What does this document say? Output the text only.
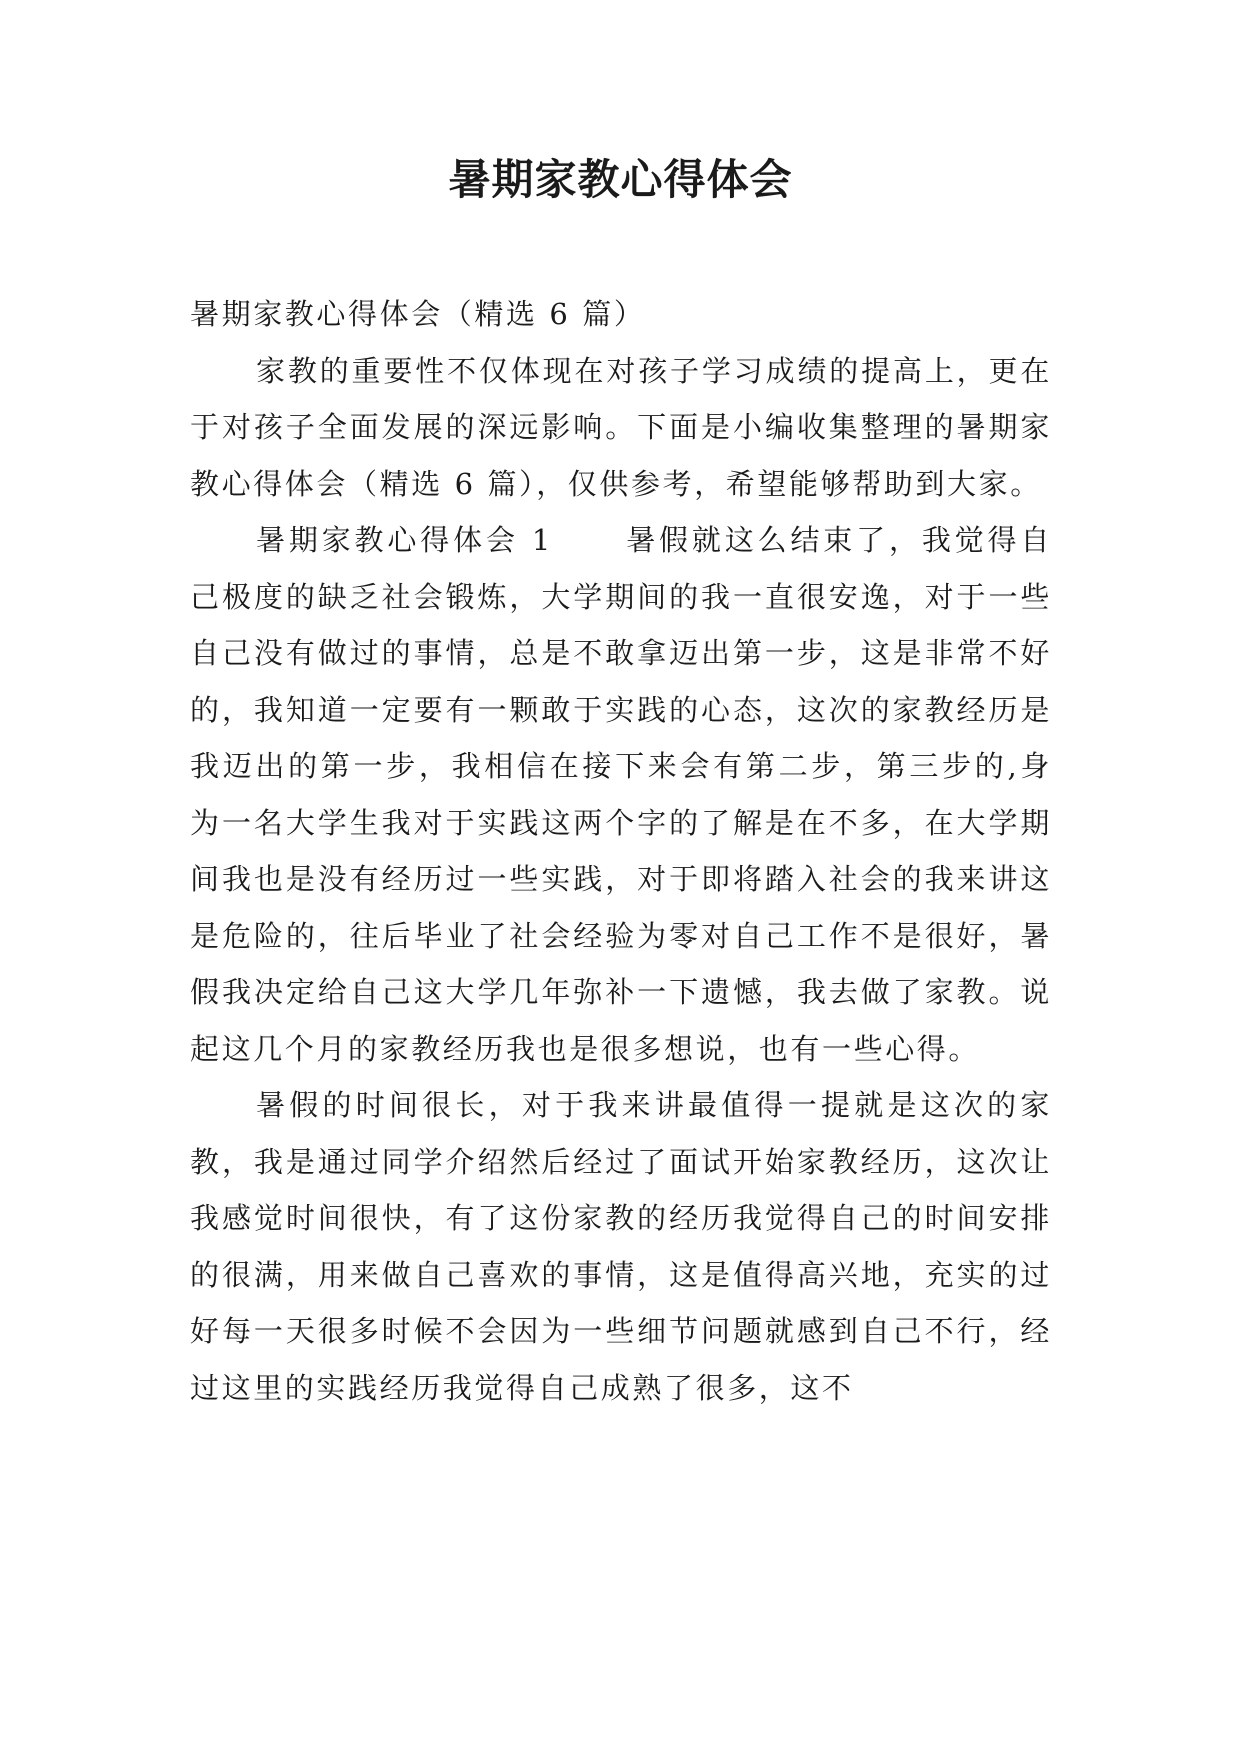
暑期家教心得体会

暑期家教心得体会（精选 6 篇）

家教的重要性不仅体现在对孩子学习成绩的提高上，更在于对孩子全面发展的深远影响。下面是小编收集整理的暑期家教心得体会（精选 6 篇），仅供参考，希望能够帮助到大家。

暑期家教心得体会 1 暑假就这么结束了，我觉得自己极度的缺乏社会锻炼，大学期间的我一直很安逸，对于一些自己没有做过的事情，总是不敢拿迈出第一步，这是非常不好的，我知道一定要有一颗敢于实践的心态，这次的家教经历是我迈出的第一步，我相信在接下来会有第二步，第三步的,身为一名大学生我对于实践这两个字的了解是在不多，在大学期间我也是没有经历过一些实践，对于即将踏入社会的我来讲这是危险的，往后毕业了社会经验为零对自己工作不是很好，暑假我决定给自己这大学几年弥补一下遗憾，我去做了家教。说起这几个月的家教经历我也是很多想说，也有一些心得。

暑假的时间很长，对于我来讲最值得一提就是这次的家教，我是通过同学介绍然后经过了面试开始家教经历，这次让我感觉时间很快，有了这份家教的经历我觉得自己的时间安排的很满，用来做自己喜欢的事情，这是值得高兴地，充实的过好每一天很多时候不会因为一些细节问题就感到自己不行，经过这里的实践经历我觉得自己成熟了很多，这不
